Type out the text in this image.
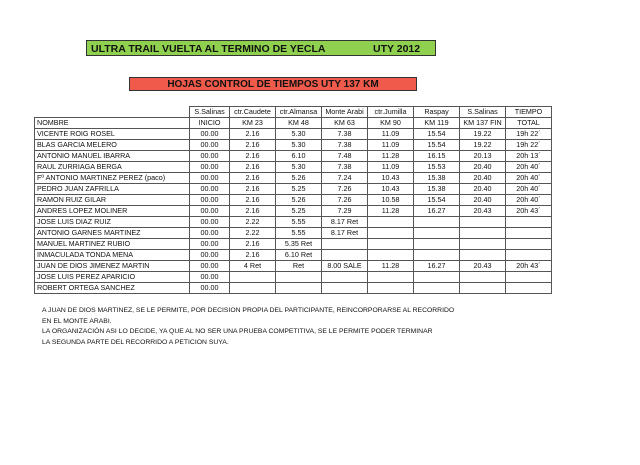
ULTRA TRAIL VUELTA AL TERMINO DE YECLA	UTY 2012
HOJAS CONTROL DE TIEMPOS UTY 137 KM
	S.Salinas	ctr.Caudete	ctr.Almansa	Monte Arabi	ctr.Jumilla	Raspay	S.Salinas	TIEMPO
NOMBRE	INICIO	KM 23	KM 48	KM 63	KM 90	KM 119	KM 137 FIN	TOTAL
VICENTE ROIG ROSEL	00.00	2.16	5.30	7.38	11.09	15.54	19.22	19h 22´
BLAS GARCIA MELERO	00.00	2.16	5.30	7.38	11.09	15.54	19.22	19h 22´
ANTONIO MANUEL IBARRA	00.00	2.16	6.10	7.48	11.28	16.15	20.13	20h 13´
RAUL ZURRIAGA BERGA	00.00	2.16	5.30	7.38	11.09	15.53	20.40	20h 40´
Fº ANTONIO MARTINEZ PEREZ (paco)	00.00	2.16	5.26	7.24	10.43	15.38	20.40	20h 40´
PEDRO JUAN ZAFRILLA	00.00	2.16	5.25	7.26	10.43	15.38	20.40	20h 40´
RAMON RUIZ GILAR	00.00	2.16	5.26	7.26	10.58	15.54	20.40	20h 40´
ANDRES LOPEZ MOLINER	00.00	2.16	5.25	7.29	11.28	16.27	20.43	20h 43´
JOSE LUIS DIAZ RUIZ	00.00	2.22	5.55	8.17 Ret				
ANTONIO GARNES MARTINEZ	00.00	2.22	5.55	8.17 Ret				
MANUEL MARTINEZ RUBIO	00.00	2.16	5.35 Ret					
INMACULADA TONDA MENA	00.00	2.16	6.10 Ret					
JUAN DE DIOS JIMENEZ MARTIN	00.00	4 Ret	Ret	8.00 SALE	11.28	16.27	20.43	20h 43´
JOSE LUIS PEREZ APARICIO	00.00							
ROBERT ORTEGA SANCHEZ	00.00							
A JUAN DE DIOS MARTINEZ, SE LE PERMITE, POR DECISION PROPIA DEL PARTICIPANTE, REINCORPORARSE AL RECORRIDO
EN EL MONTE ARABI.
LA ORGANIZACIÓN ASI LO DECIDE, YA QUE AL NO SER UNA PRUEBA COMPETITIVA, SE LE PERMITE PODER TERMINAR
LA SEGUNDA PARTE DEL RECORRIDO A PETICION SUYA.
